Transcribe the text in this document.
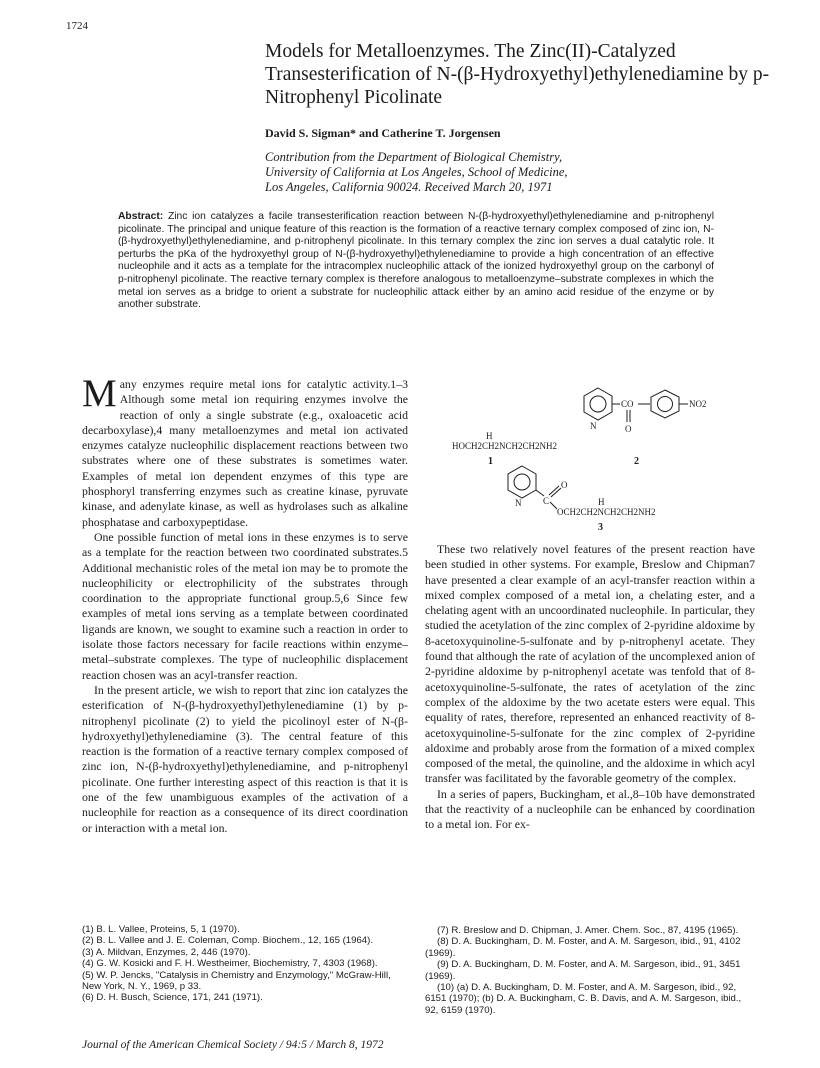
1724
Models for Metalloenzymes. The Zinc(II)-Catalyzed Transesterification of N-(β-Hydroxyethyl)ethylenediamine by p-Nitrophenyl Picolinate
David S. Sigman* and Catherine T. Jorgensen
Contribution from the Department of Biological Chemistry,
University of California at Los Angeles, School of Medicine,
Los Angeles, California 90024. Received March 20, 1971
Abstract: Zinc ion catalyzes a facile transesterification reaction between N-(β-hydroxyethyl)ethylenediamine and p-nitrophenyl picolinate. The principal and unique feature of this reaction is the formation of a reactive ternary complex composed of zinc ion, N-(β-hydroxyethyl)ethylenediamine, and p-nitrophenyl picolinate. In this ternary complex the zinc ion serves a dual catalytic role. It perturbs the pKa of the hydroxyethyl group of N-(β-hydroxyethyl)ethylenediamine to provide a high concentration of an effective nucleophile and it acts as a template for the intracomplex nucleophilic attack of the ionized hydroxyethyl group on the carbonyl of p-nitrophenyl picolinate. The reactive ternary complex is therefore analogous to metalloenzyme–substrate complexes in which the metal ion serves as a bridge to orient a substrate for nucleophilic attack either by an amino acid residue of the enzyme or by another substrate.

Many enzymes require metal ions for catalytic activity.1–3 Although some metal ion requiring enzymes involve the reaction of only a single substrate (e.g., oxaloacetic acid decarboxylase),4 many metalloenzymes and metal ion activated enzymes catalyze nucleophilic displacement reactions between two substrates where one of these substrates is sometimes water. Examples of metal ion dependent enzymes of this type are phosphoryl transferring enzymes such as creatine kinase, pyruvate kinase, and adenylate kinase, as well as hydrolases such as alkaline phosphatase and carboxypeptidase.

One possible function of metal ions in these enzymes is to serve as a template for the reaction between two coordinated substrates.5 Additional mechanistic roles of the metal ion may be to promote the nucleophilicity or electrophilicity of the substrates through coordination to the appropriate functional group.5,6 Since few examples of metal ions serving as a template between coordinated ligands are known, we sought to examine such a reaction in order to isolate those factors necessary for facile reactions within enzyme–metal–substrate complexes. The type of nucleophilic displacement reaction chosen was an acyl-transfer reaction.

In the present article, we wish to report that zinc ion catalyzes the esterification of N-(β-hydroxyethyl)ethylenediamine (1) by p-nitrophenyl picolinate (2) to yield the picolinoyl ester of N-(β-hydroxyethyl)ethylenediamine (3). The central feature of this reaction is the formation of a reactive ternary complex composed of zinc ion, N-(β-hydroxyethyl)ethylenediamine, and p-nitrophenyl picolinate. One further interesting aspect of this reaction is that it is one of the few unambiguous examples of the activation of a nucleophile for reaction as a consequence of its direct coordination or interaction with a metal ion.

H
HOCH2CH2NCH2CH2NH2
1
N
CO
O
NO2
2
N C
O
H
OCH2CH2NCH2CH2NH2
3

These two relatively novel features of the present reaction have been studied in other systems. For example, Breslow and Chipman7 have presented a clear example of an acyl-transfer reaction within a mixed complex composed of a metal ion, a chelating ester, and a chelating agent with an uncoordinated nucleophile. In particular, they studied the acetylation of the zinc complex of 2-pyridine aldoxime by 8-acetoxyquinoline-5-sulfonate and by p-nitrophenyl acetate. They found that although the rate of acylation of the uncomplexed anion of 2-pyridine aldoxime by p-nitrophenyl acetate was tenfold that of 8-acetoxyquinoline-5-sulfonate, the rates of acetylation of the zinc complex of the aldoxime by the two acetate esters were equal. This equality of rates, therefore, represented an enhanced reactivity of 8-acetoxyquinoline-5-sulfonate for the zinc complex of 2-pyridine aldoxime and probably arose from the formation of a mixed complex composed of the metal, the quinoline, and the aldoxime in which acyl transfer was facilitated by the favorable geometry of the complex.

In a series of papers, Buckingham, et al.,8–10b have demonstrated that the reactivity of a nucleophile can be enhanced by coordination to a metal ion. For ex-

(1) B. L. Vallee, Proteins, 5, 1 (1970).
(2) B. L. Vallee and J. E. Coleman, Comp. Biochem., 12, 165 (1964).
(3) A. Mildvan, Enzymes, 2, 446 (1970).
(4) G. W. Kosicki and F. H. Westheimer, Biochemistry, 7, 4303 (1968).
(5) W. P. Jencks, "Catalysis in Chemistry and Enzymology," McGraw-Hill, New York, N. Y., 1969, p 33.
(6) D. H. Busch, Science, 171, 241 (1971).
(7) R. Breslow and D. Chipman, J. Amer. Chem. Soc., 87, 4195 (1965).
(8) D. A. Buckingham, D. M. Foster, and A. M. Sargeson, ibid., 91, 4102 (1969).
(9) D. A. Buckingham, D. M. Foster, and A. M. Sargeson, ibid., 91, 3451 (1969).
(10) (a) D. A. Buckingham, D. M. Foster, and A. M. Sargeson, ibid., 92, 6151 (1970); (b) D. A. Buckingham, C. B. Davis, and A. M. Sargeson, ibid., 92, 6159 (1970).
Journal of the American Chemical Society / 94:5 / March 8, 1972
